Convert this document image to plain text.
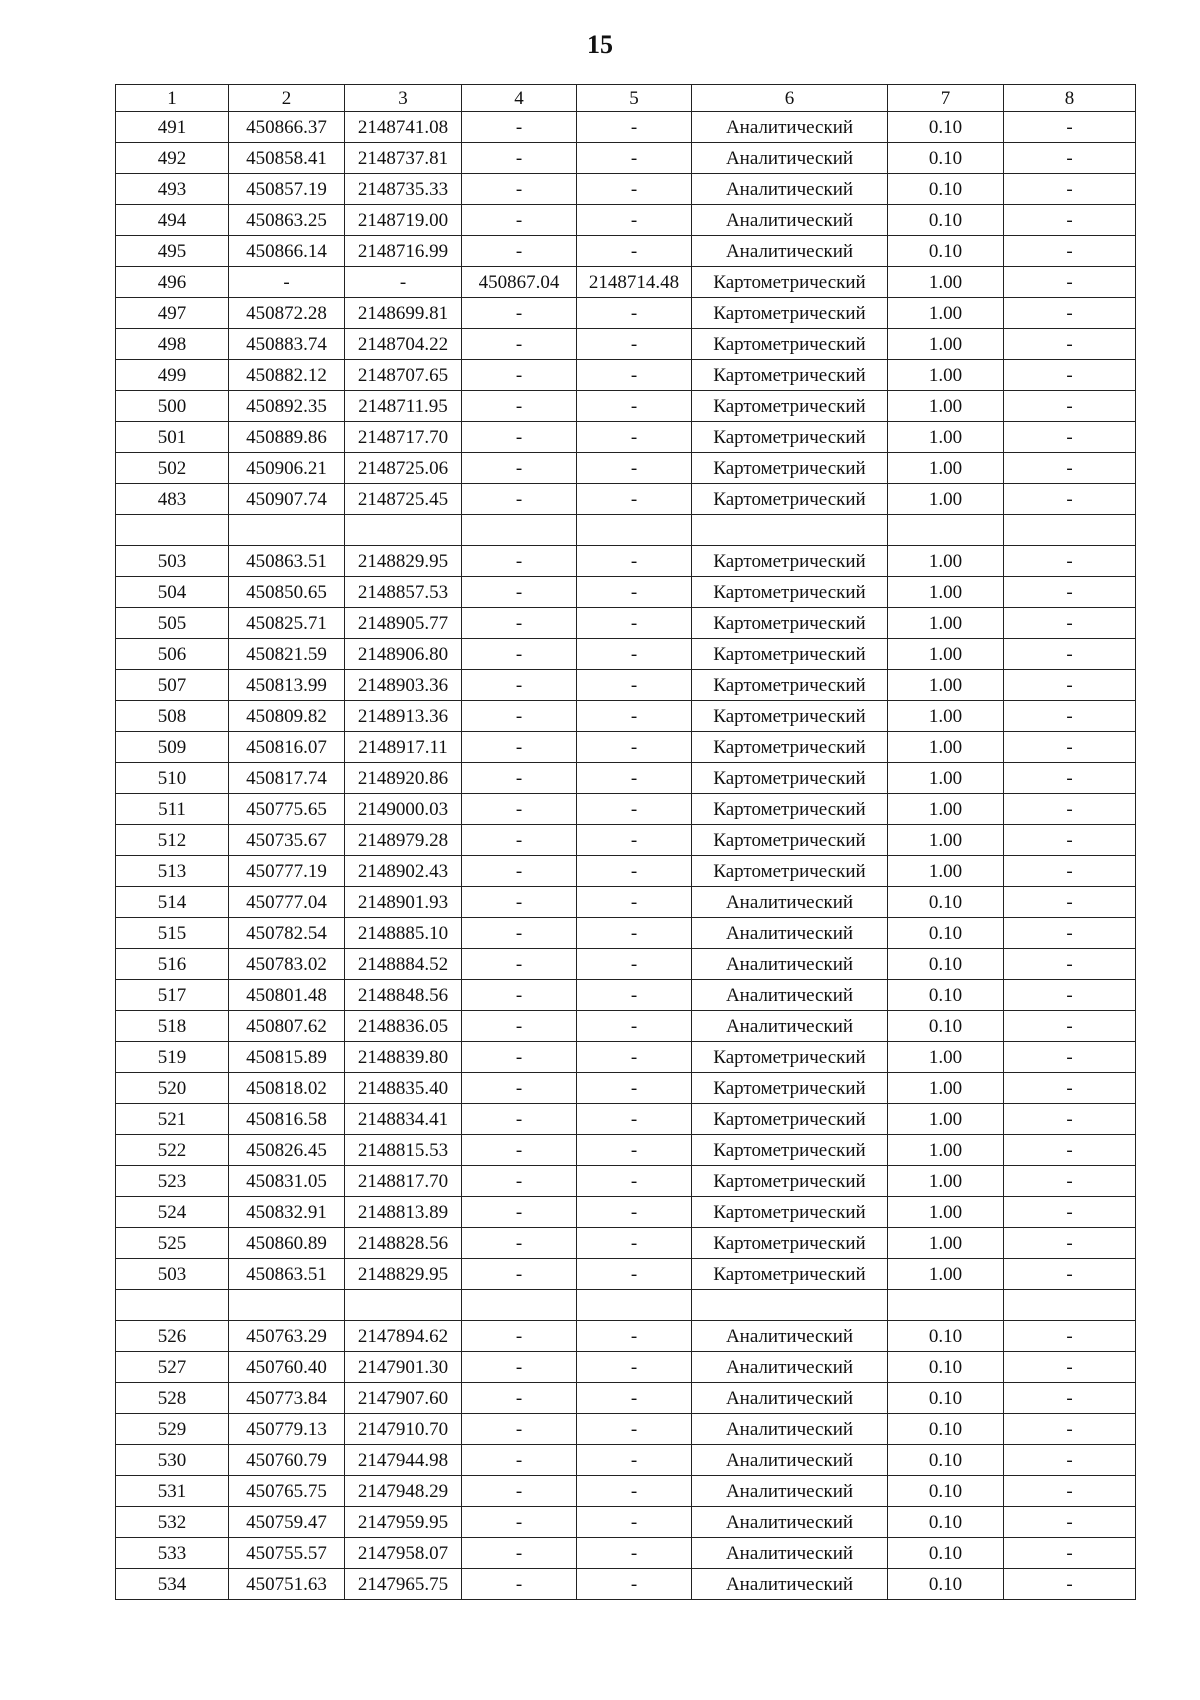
15
1	2	3	4	5	6	7	8
491	450866.37	2148741.08	-	-	Аналитический	0.10	-
492	450858.41	2148737.81	-	-	Аналитический	0.10	-
493	450857.19	2148735.33	-	-	Аналитический	0.10	-
494	450863.25	2148719.00	-	-	Аналитический	0.10	-
495	450866.14	2148716.99	-	-	Аналитический	0.10	-
496	-	-	450867.04	2148714.48	Картометрический	1.00	-
497	450872.28	2148699.81	-	-	Картометрический	1.00	-
498	450883.74	2148704.22	-	-	Картометрический	1.00	-
499	450882.12	2148707.65	-	-	Картометрический	1.00	-
500	450892.35	2148711.95	-	-	Картометрический	1.00	-
501	450889.86	2148717.70	-	-	Картометрический	1.00	-
502	450906.21	2148725.06	-	-	Картометрический	1.00	-
483	450907.74	2148725.45	-	-	Картометрический	1.00	-

503	450863.51	2148829.95	-	-	Картометрический	1.00	-
504	450850.65	2148857.53	-	-	Картометрический	1.00	-
505	450825.71	2148905.77	-	-	Картометрический	1.00	-
506	450821.59	2148906.80	-	-	Картометрический	1.00	-
507	450813.99	2148903.36	-	-	Картометрический	1.00	-
508	450809.82	2148913.36	-	-	Картометрический	1.00	-
509	450816.07	2148917.11	-	-	Картометрический	1.00	-
510	450817.74	2148920.86	-	-	Картометрический	1.00	-
511	450775.65	2149000.03	-	-	Картометрический	1.00	-
512	450735.67	2148979.28	-	-	Картометрический	1.00	-
513	450777.19	2148902.43	-	-	Картометрический	1.00	-
514	450777.04	2148901.93	-	-	Аналитический	0.10	-
515	450782.54	2148885.10	-	-	Аналитический	0.10	-
516	450783.02	2148884.52	-	-	Аналитический	0.10	-
517	450801.48	2148848.56	-	-	Аналитический	0.10	-
518	450807.62	2148836.05	-	-	Аналитический	0.10	-
519	450815.89	2148839.80	-	-	Картометрический	1.00	-
520	450818.02	2148835.40	-	-	Картометрический	1.00	-
521	450816.58	2148834.41	-	-	Картометрический	1.00	-
522	450826.45	2148815.53	-	-	Картометрический	1.00	-
523	450831.05	2148817.70	-	-	Картометрический	1.00	-
524	450832.91	2148813.89	-	-	Картометрический	1.00	-
525	450860.89	2148828.56	-	-	Картометрический	1.00	-
503	450863.51	2148829.95	-	-	Картометрический	1.00	-

526	450763.29	2147894.62	-	-	Аналитический	0.10	-
527	450760.40	2147901.30	-	-	Аналитический	0.10	-
528	450773.84	2147907.60	-	-	Аналитический	0.10	-
529	450779.13	2147910.70	-	-	Аналитический	0.10	-
530	450760.79	2147944.98	-	-	Аналитический	0.10	-
531	450765.75	2147948.29	-	-	Аналитический	0.10	-
532	450759.47	2147959.95	-	-	Аналитический	0.10	-
533	450755.57	2147958.07	-	-	Аналитический	0.10	-
534	450751.63	2147965.75	-	-	Аналитический	0.10	-
